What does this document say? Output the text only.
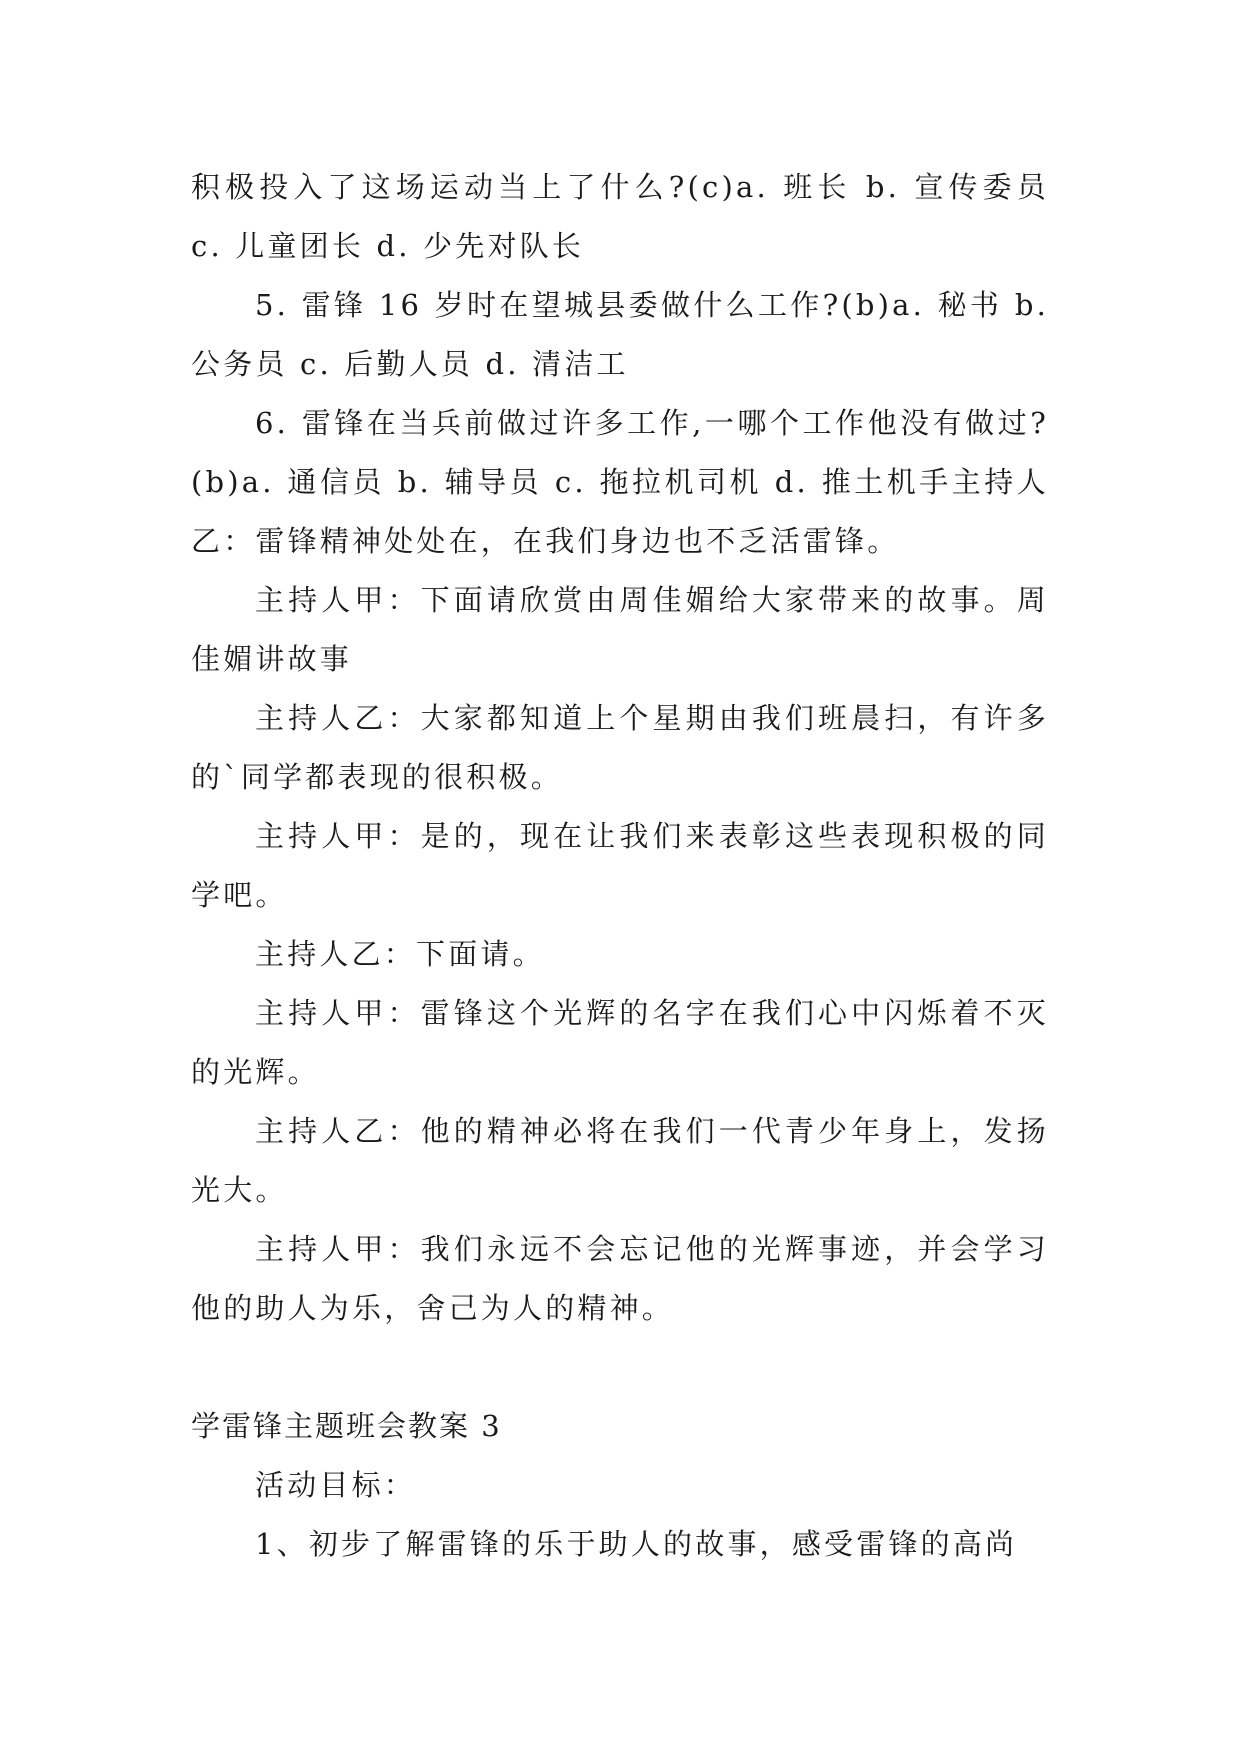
积极投入了这场运动当上了什么?(c)a. 班长 b. 宣传委员 c. 儿童团长 d. 少先对队长

5. 雷锋 16 岁时在望城县委做什么工作?(b)a. 秘书 b. 公务员 c. 后勤人员 d. 清洁工

6. 雷锋在当兵前做过许多工作,一哪个工作他没有做过?(b)a. 通信员 b. 辅导员 c. 拖拉机司机 d. 推土机手主持人乙：雷锋精神处处在，在我们身边也不乏活雷锋。

主持人甲：下面请欣赏由周佳媚给大家带来的故事。周佳媚讲故事

主持人乙：大家都知道上个星期由我们班晨扫，有许多的`同学都表现的很积极。

主持人甲：是的，现在让我们来表彰这些表现积极的同学吧。

主持人乙：下面请。

主持人甲：雷锋这个光辉的名字在我们心中闪烁着不灭的光辉。

主持人乙：他的精神必将在我们一代青少年身上，发扬光大。

主持人甲：我们永远不会忘记他的光辉事迹，并会学习他的助人为乐，舍己为人的精神。

学雷锋主题班会教案 3

活动目标：

1、初步了解雷锋的乐于助人的故事，感受雷锋的高尚
